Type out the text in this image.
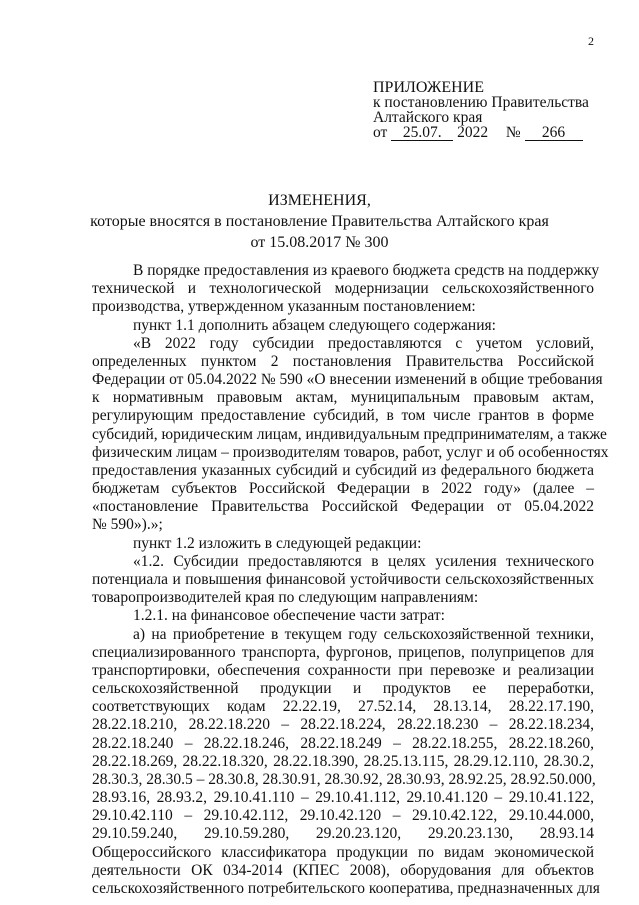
2
ПРИЛОЖЕНИЕ
к постановлению Правительства
Алтайского края
от 25.07. 2022 № 266
ИЗМЕНЕНИЯ,
которые вносятся в постановление Правительства Алтайского края
от 15.08.2017 № 300
В порядке предоставления из краевого бюджета средств на поддержку
технической и технологической модернизации сельскохозяйственного
производства, утвержденном указанным постановлением:
пункт 1.1 дополнить абзацем следующего содержания:
«В 2022 году субсидии предоставляются с учетом условий,
определенных пунктом 2 постановления Правительства Российской
Федерации от 05.04.2022 № 590 «О внесении изменений в общие требования
к нормативным правовым актам, муниципальным правовым актам,
регулирующим предоставление субсидий, в том числе грантов в форме
субсидий, юридическим лицам, индивидуальным предпринимателям, а также
физическим лицам – производителям товаров, работ, услуг и об особенностях
предоставления указанных субсидий и субсидий из федерального бюджета
бюджетам субъектов Российской Федерации в 2022 году» (далее –
«постановление Правительства Российской Федерации от 05.04.2022
№ 590»).»;
пункт 1.2 изложить в следующей редакции:
«1.2. Субсидии предоставляются в целях усиления технического
потенциала и повышения финансовой устойчивости сельскохозяйственных
товаропроизводителей края по следующим направлениям:
1.2.1. на финансовое обеспечение части затрат:
а) на приобретение в текущем году сельскохозяйственной техники,
специализированного транспорта, фургонов, прицепов, полуприцепов для
транспортировки, обеспечения сохранности при перевозке и реализации
сельскохозяйственной продукции и продуктов ее переработки,
соответствующих кодам 22.22.19, 27.52.14, 28.13.14, 28.22.17.190,
28.22.18.210, 28.22.18.220 – 28.22.18.224, 28.22.18.230 – 28.22.18.234,
28.22.18.240 – 28.22.18.246, 28.22.18.249 – 28.22.18.255, 28.22.18.260,
28.22.18.269, 28.22.18.320, 28.22.18.390, 28.25.13.115, 28.29.12.110, 28.30.2,
28.30.3, 28.30.5 – 28.30.8, 28.30.91, 28.30.92, 28.30.93, 28.92.25, 28.92.50.000,
28.93.16, 28.93.2, 29.10.41.110 – 29.10.41.112, 29.10.41.120 – 29.10.41.122,
29.10.42.110 – 29.10.42.112, 29.10.42.120 – 29.10.42.122, 29.10.44.000,
29.10.59.240, 29.10.59.280, 29.20.23.120, 29.20.23.130, 28.93.14
Общероссийского классификатора продукции по видам экономической
деятельности ОК 034-2014 (КПЕС 2008), оборудования для объектов
сельскохозяйственного потребительского кооператива, предназначенных для
